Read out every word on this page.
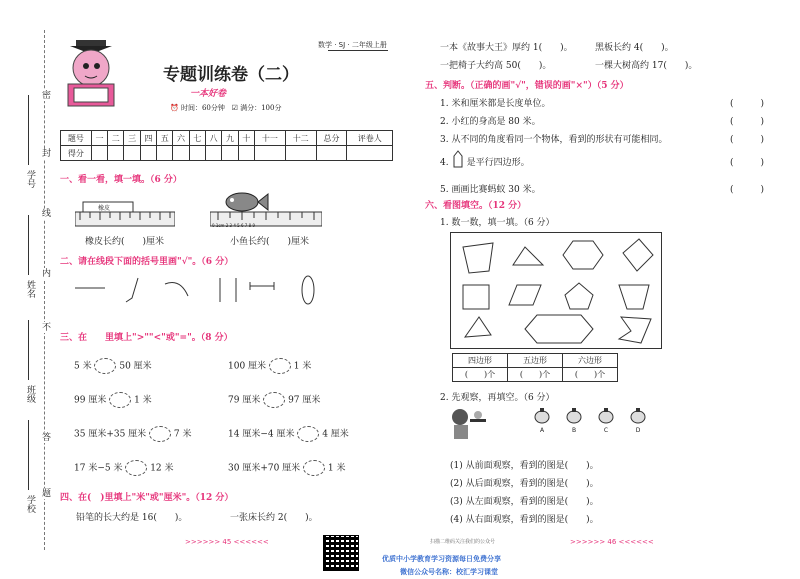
密
封
线
内
不
答
题
学号
姓名
班级
学校
数学 · SJ · 二年级上册
专题训练卷（二）
一本好卷
⏰ 时间：60分钟 ☑ 满分：100分
题号	一	二	三	四	五	六	七	八	九	十	十一	十二	总分	评卷人
得分														
一、看一看，填一填。（6 分）
橡皮
橡皮长约(　　)厘米
0 1cm 2 3 4 5 6 7 8 9
小鱼长约(　　)厘米
二、请在线段下面的括号里画"√"。（6 分）
三、在　　里填上">""<"或"="。（8 分）
5 米	50 厘米	100 厘米	1 米
99 厘米	1 米	79 厘米	97 厘米
35 厘米+35 厘米	7 米	14 厘米−4 厘米	4 厘米
17 米−5 米	12 米	30 厘米+70 厘米	1 米
四、在(　)里填上"米"或"厘米"。（12 分）
铅笔的长大约是 16(　　)。	一张床长约 2(　　)。
一本《故事大王》厚约 1(　　)。 黑板长约 4(　　)。
一把椅子大约高 50(　　)。	一棵大树高约 17(　　)。
五、判断。（正确的画"√"，错误的画"×"）（5 分）
1. 米和厘米都是长度单位。	(　　　)
2. 小红的身高是 80 米。	(　　　)
3. 从不同的角度看同一个物体，看到的形状有可能相同。	(　　　)
4.　　是平行四边形。	(　　　)
5. 画画比赛蚂蚁 30 米。	(　　　)
六、看图填空。（12 分）
1. 数一数，填一填。（6 分）
四边形	五边形	六边形
(　　)个	(　　)个	(　　)个
2. 先观察，再填空。（6 分）
A	B	C	D
(1) 从前面观察，看到的图是(　　)。
(2) 从后面观察，看到的图是(　　)。
(3) 从左面观察，看到的图是(　　)。
(4) 从右面观察，看到的图是(　　)。
>>>>>> 45 <<<<<<	>>>>>> 46 <<<<<<
扫描二维码关注我们的公众号
优质中小学教育学习资源每日免费分享
微信公众号名称：校汇学习课堂
